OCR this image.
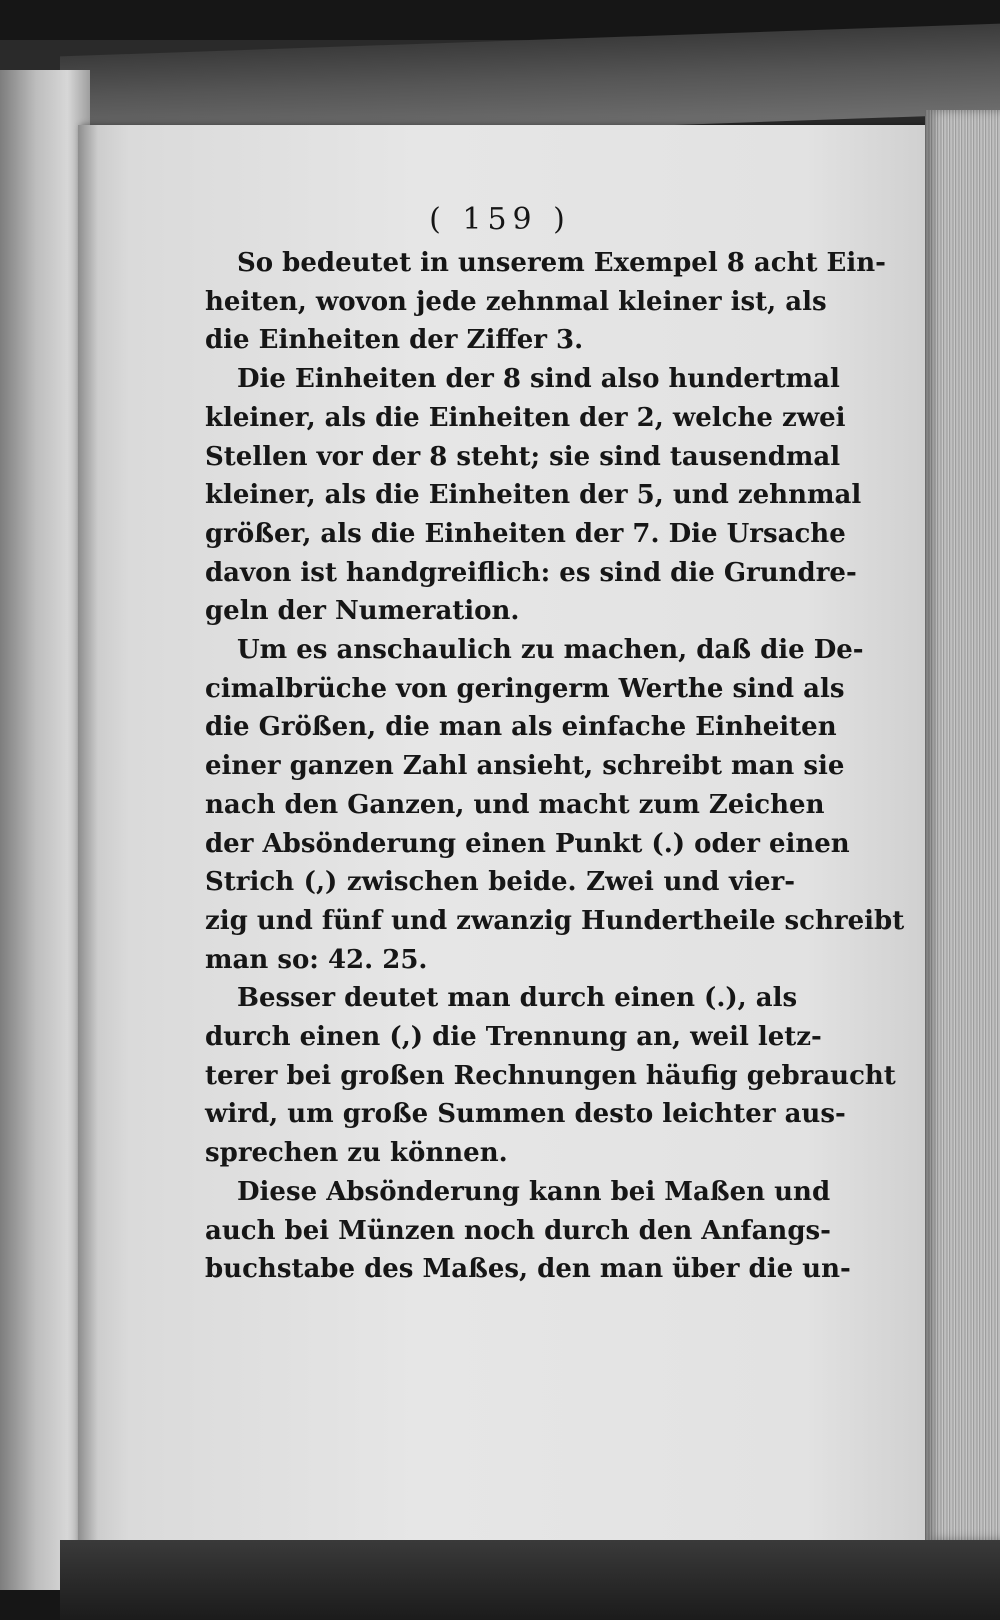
( 159 )
So bedeutet in unserem Exempel 8 acht Ein-
heiten, wovon jede zehnmal kleiner ist, als
die Einheiten der Ziffer 3.
Die Einheiten der 8 sind also hundertmal
kleiner, als die Einheiten der 2, welche zwei
Stellen vor der 8 steht; sie sind tausendmal
kleiner, als die Einheiten der 5, und zehnmal
größer, als die Einheiten der 7. Die Ursache
davon ist handgreiflich: es sind die Grundre-
geln der Numeration.
Um es anschaulich zu machen, daß die De-
cimalbrüche von geringerm Werthe sind als
die Größen, die man als einfache Einheiten
einer ganzen Zahl ansieht, schreibt man sie
nach den Ganzen, und macht zum Zeichen
der Absönderung einen Punkt (.) oder einen
Strich (,) zwischen beide. Zwei und vier-
zig und fünf und zwanzig Hundertheile schreibt
man so: 42. 25.
Besser deutet man durch einen (.), als
durch einen (,) die Trennung an, weil letz-
terer bei großen Rechnungen häufig gebraucht
wird, um große Summen desto leichter aus-
sprechen zu können.
Diese Absönderung kann bei Maßen und
auch bei Münzen noch durch den Anfangs-
buchstabe des Maßes, den man über die un-
